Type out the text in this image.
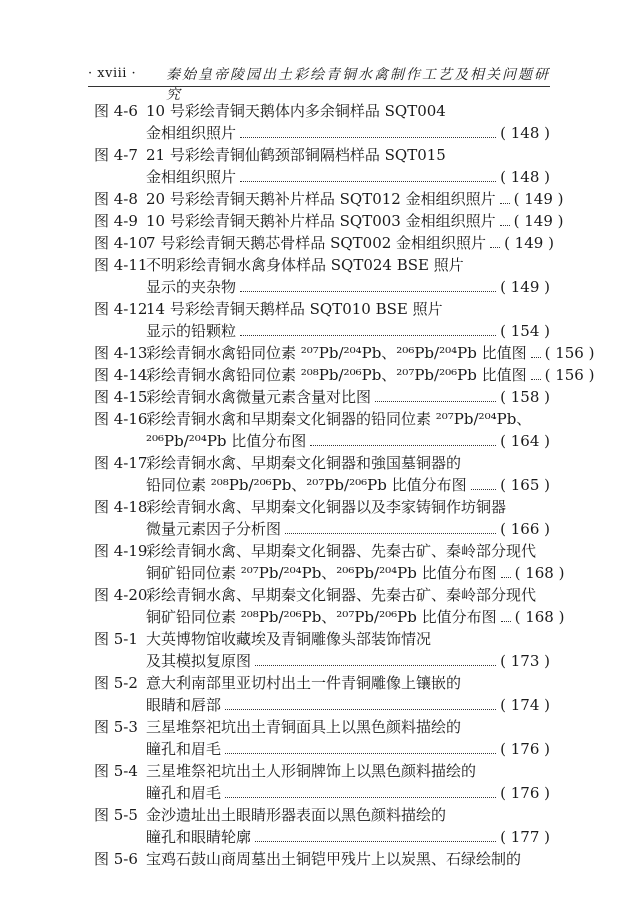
· xviii · 秦始皇帝陵园出土彩绘青铜水禽制作工艺及相关问题研究
图 4-6 10 号彩绘青铜天鹅体内多余铜样品 SQT004
金相组织照片	( 148 )
图 4-7 21 号彩绘青铜仙鹤颈部铜隔档样品 SQT015
金相组织照片	( 148 )
图 4-8 20 号彩绘青铜天鹅补片样品 SQT012 金相组织照片 ( 149 )
图 4-9 10 号彩绘青铜天鹅补片样品 SQT003 金相组织照片 ( 149 )
图 4-10
7 号彩绘青铜天鹅芯骨样品 SQT002 金相组织照片 ( 149 )
图 4-11
不明彩绘青铜水禽身体样品 SQT024 BSE 照片
显示的夹杂物	( 149 )
图 4-12
14 号彩绘青铜天鹅样品 SQT010 BSE 照片
显示的铅颗粒	( 154 )
图 4-13
彩绘青铜水禽铅同位素 ²⁰⁷Pb/²⁰⁴Pb、²⁰⁶Pb/²⁰⁴Pb 比值图 ( 156 )
图 4-14
彩绘青铜水禽铅同位素 ²⁰⁸Pb/²⁰⁶Pb、²⁰⁷Pb/²⁰⁶Pb 比值图 ( 156 )
图 4-15
彩绘青铜水禽微量元素含量对比图	( 158 )
图 4-16
彩绘青铜水禽和早期秦文化铜器的铅同位素 ²⁰⁷Pb/²⁰⁴Pb、
²⁰⁶Pb/²⁰⁴Pb 比值分布图	( 164 )
图 4-17
彩绘青铜水禽、早期秦文化铜器和強国墓铜器的
铅同位素 ²⁰⁸Pb/²⁰⁶Pb、²⁰⁷Pb/²⁰⁶Pb 比值分布图 ( 165 )
图 4-18
彩绘青铜水禽、早期秦文化铜器以及李家铸铜作坊铜器
微量元素因子分析图	( 166 )
图 4-19
彩绘青铜水禽、早期秦文化铜器、先秦古矿、秦岭部分现代
铜矿铅同位素 ²⁰⁷Pb/²⁰⁴Pb、²⁰⁶Pb/²⁰⁴Pb 比值分布图 ( 168 )
图 4-20
彩绘青铜水禽、早期秦文化铜器、先秦古矿、秦岭部分现代
铜矿铅同位素 ²⁰⁸Pb/²⁰⁶Pb、²⁰⁷Pb/²⁰⁶Pb 比值分布图 ( 168 )
图 5-1 大英博物馆收藏埃及青铜雕像头部装饰情况
及其模拟复原图	( 173 )
图 5-2 意大利南部里亚切村出土一件青铜雕像上镶嵌的
眼睛和唇部	( 174 )
图 5-3 三星堆祭祀坑出土青铜面具上以黑色颜料描绘的
瞳孔和眉毛	( 176 )
图 5-4 三星堆祭祀坑出土人形铜牌饰上以黑色颜料描绘的
瞳孔和眉毛	( 176 )
图 5-5 金沙遗址出土眼睛形器表面以黑色颜料描绘的
瞳孔和眼睛轮廓	( 177 )
图 5-6 宝鸡石鼓山商周墓出土铜铠甲残片上以炭黑、石绿绘制的
